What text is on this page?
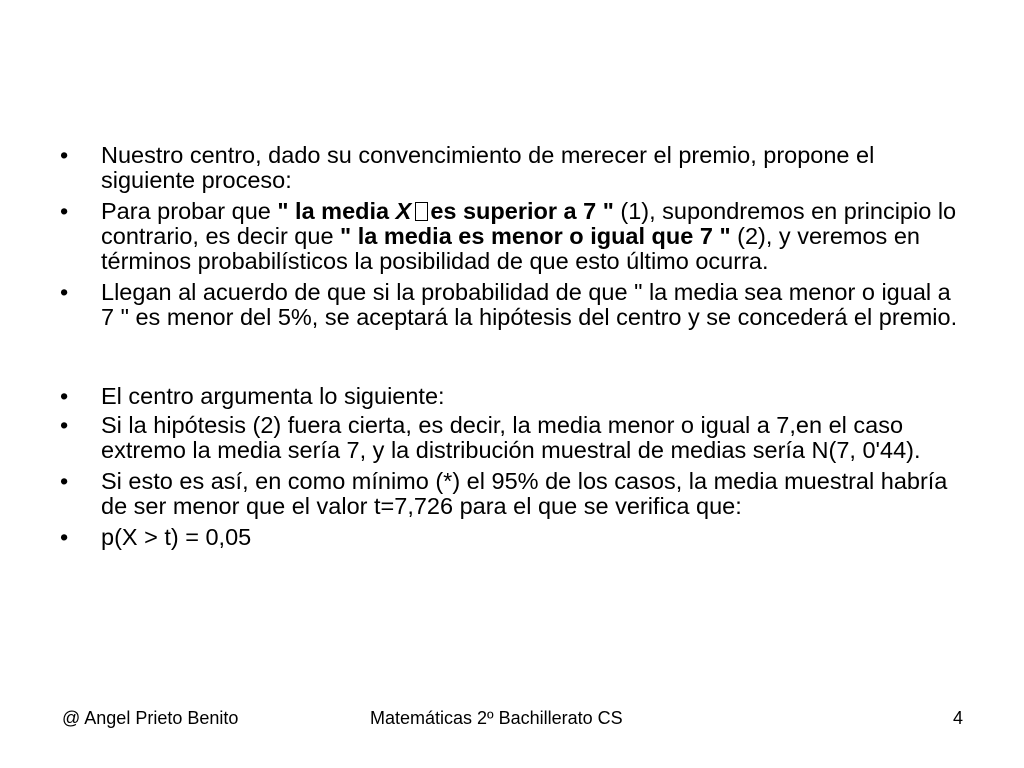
•	Nuestro centro, dado su convencimiento de merecer el premio, propone el siguiente proceso:
•	Para probar que " la media X es superior a 7 " (1), supondremos en principio lo contrario, es decir que " la media es menor o igual que 7 " (2), y veremos en términos probabilísticos la posibilidad de que esto último ocurra.
•	Llegan al acuerdo de que si la probabilidad de que " la media sea menor o igual a 7 " es menor del 5%, se aceptará la hipótesis del centro y se concederá el premio.
•	El centro argumenta lo siguiente:
•	Si la hipótesis (2) fuera cierta, es decir, la media menor o igual a 7,en el caso extremo la media sería 7, y la distribución muestral de medias sería N(7, 0'44).
•	Si esto es así, en como mínimo (*) el 95% de los casos, la media muestral habría de ser menor que el valor t=7,726 para el que se verifica que:
•	p(X > t) = 0,05
@ Angel Prieto Benito	Matemáticas 2º Bachillerato CS	4
